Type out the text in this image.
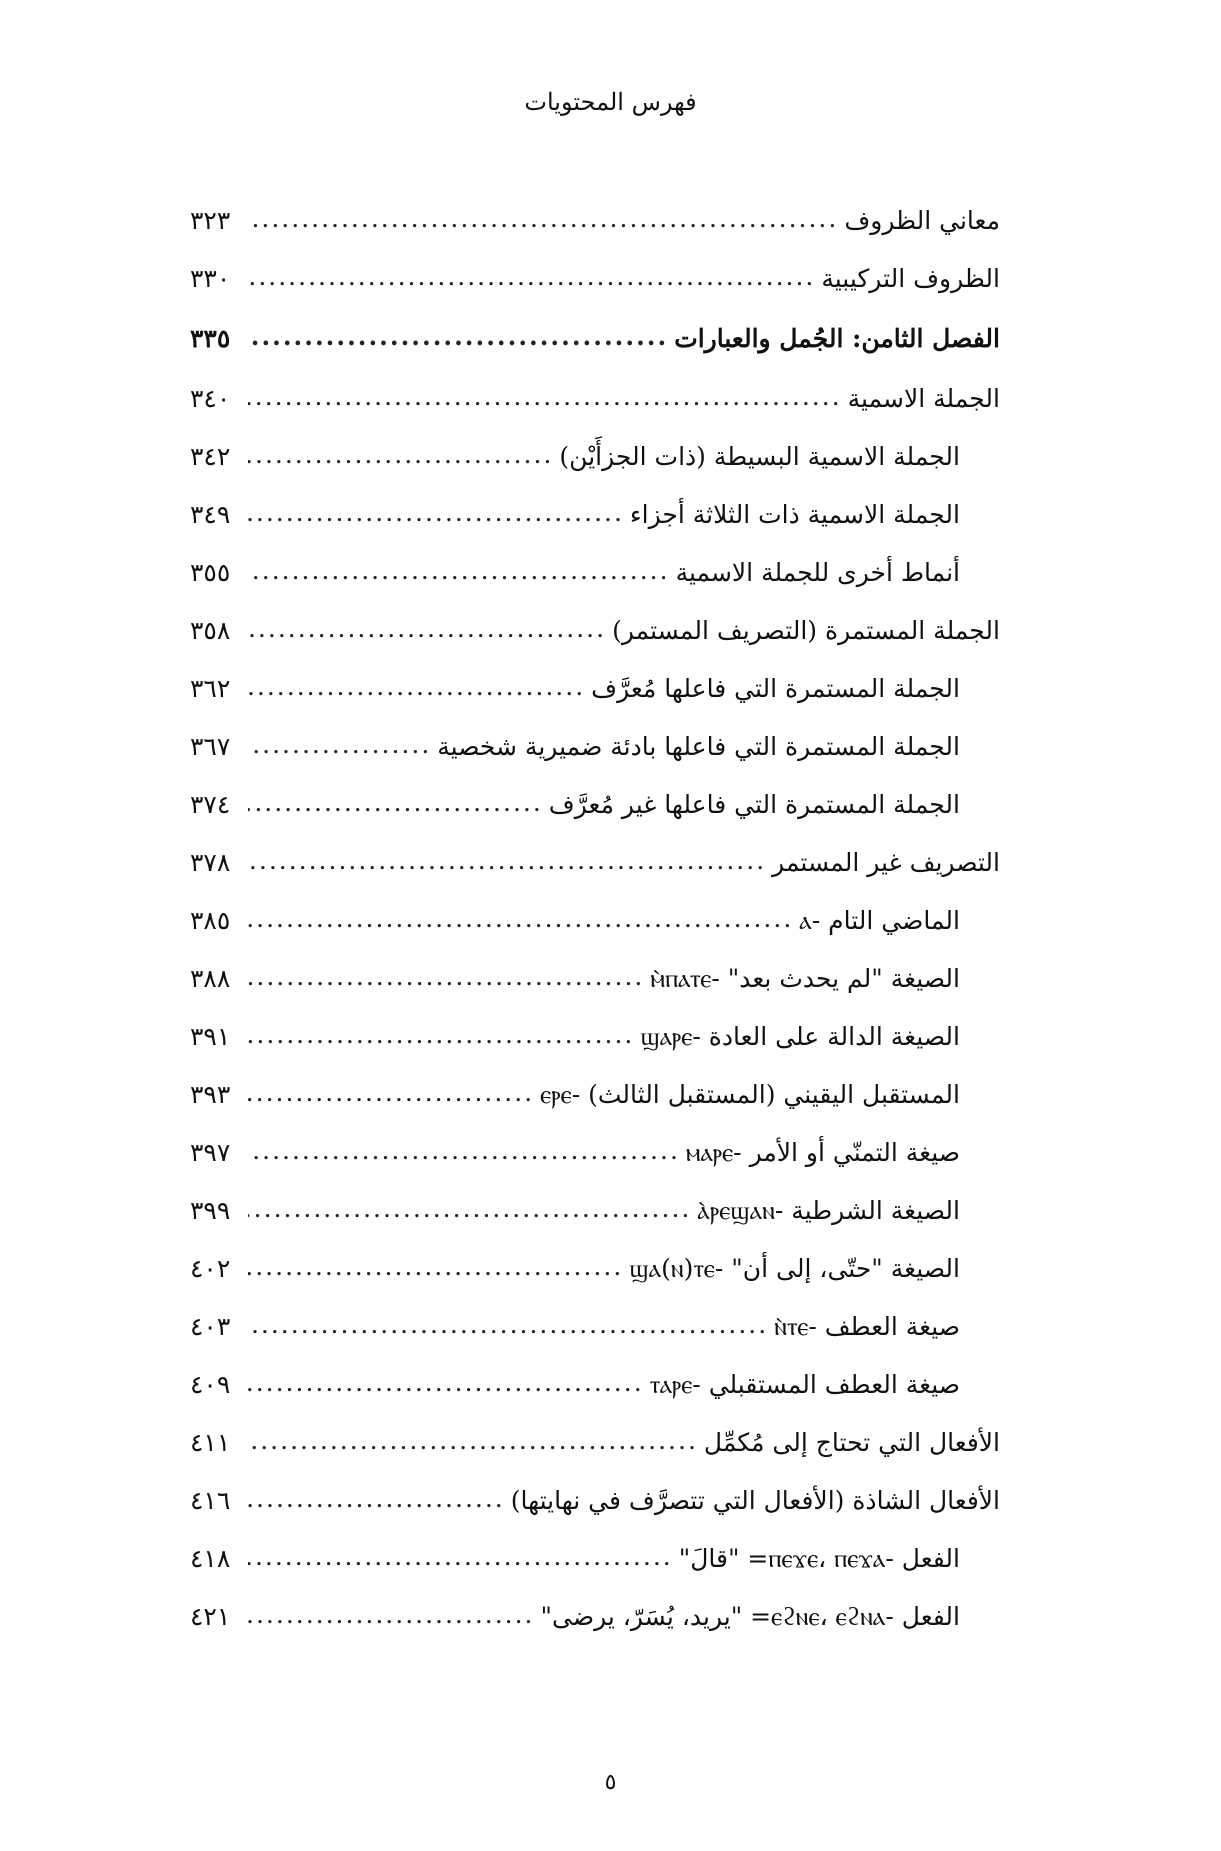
فهرس المحتويات
معاني الظروف
.....
٣٢٣
الظروف التركيبية
.....
٣٣٠
الفصل الثامن: الجُمل والعبارات
.....
٣٣٥
الجملة الاسمية
.....
٣٤٠
الجملة الاسمية البسيطة (ذات الجزأَيْن)
.....
٣٤٢
الجملة الاسمية ذات الثلاثة أجزاء
.....
٣٤٩
أنماط أخرى للجملة الاسمية
.....
٣٥٥
الجملة المستمرة (التصريف المستمر)
.....
٣٥٨
الجملة المستمرة التي فاعلها مُعرَّف
.....
٣٦٢
الجملة المستمرة التي فاعلها بادئة ضميرية شخصية
.....
٣٦٧
الجملة المستمرة التي فاعلها غير مُعرَّف
.....
٣٧٤
التصريف غير المستمر
.....
٣٧٨
الماضي التام -ⲁ
.....
٣٨٥
الصيغة "لم يحدث بعد" -ⲙ̀ⲡⲁⲧⲉ
.....
٣٨٨
الصيغة الدالة على العادة -ϣⲁⲣⲉ
.....
٣٩١
المستقبل اليقيني (المستقبل الثالث) -ⲉⲣⲉ
.....
٣٩٣
صيغة التمنّي أو الأمر -ⲙⲁⲣⲉ
.....
٣٩٧
الصيغة الشرطية -ⲁ̀ⲣⲉϣⲁⲛ
.....
٣٩٩
الصيغة "حتّى، إلى أن" -ϣⲁ(ⲛ)ⲧⲉ
.....
٤٠٢
صيغة العطف -ⲛ̀ⲧⲉ
.....
٤٠٣
صيغة العطف المستقبلي -ⲧⲁⲣⲉ
.....
٤٠٩
الأفعال التي تحتاج إلى مُكمِّل
.....
٤١١
الأفعال الشاذة (الأفعال التي تتصرَّف في نهايتها)
.....
٤١٦
الفعل -ⲡⲉϫⲉ، ⲡⲉϫⲁ= "قالَ"
.....
٤١٨
الفعل -ⲉϩⲛⲉ، ⲉϩⲛⲁ= "يريد، يُسَرّ، يرضى"
.....
٤٢١
٥
